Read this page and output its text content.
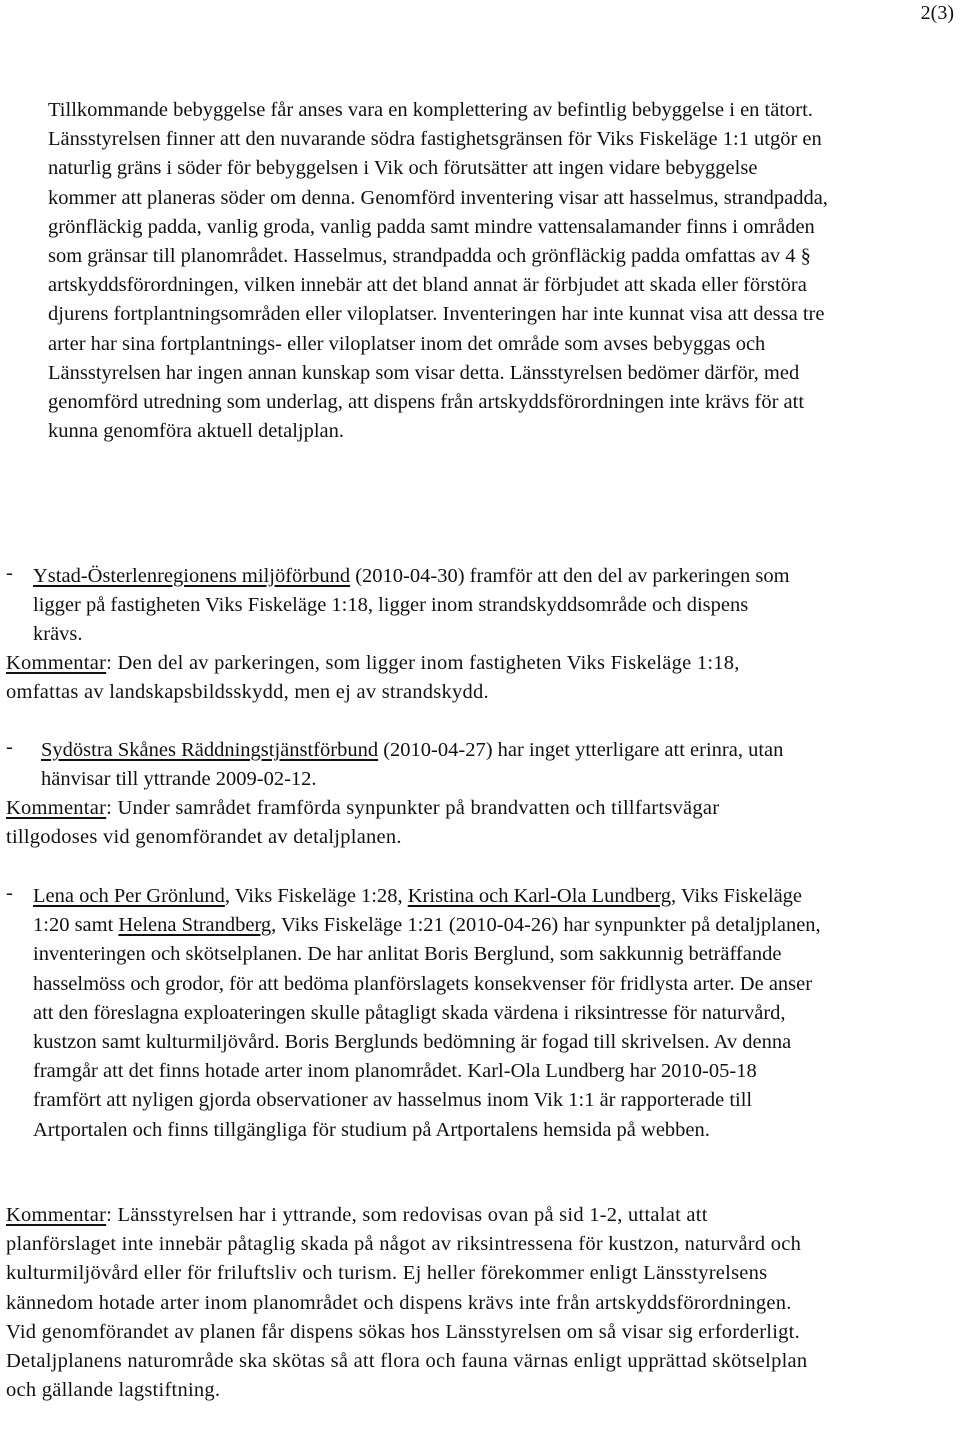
2(3)
Tillkommande bebyggelse får anses vara en komplettering av befintlig bebyggelse i en tätort. Länsstyrelsen finner att den nuvarande södra fastighetsgränsen för Viks Fiskeläge 1:1 utgör en naturlig gräns i söder för bebyggelsen i Vik och förutsätter att ingen vidare bebyggelse kommer att planeras söder om denna. Genomförd inventering visar att hasselmus, strandpadda, grönfläckig padda, vanlig groda, vanlig padda samt mindre vattensalamander finns i områden som gränsar till planområdet. Hasselmus, strandpadda och grönfläckig padda omfattas av 4 § artskyddsförordningen, vilken innebär att det bland annat är förbjudet att skada eller förstöra djurens fortplantningsområden eller viloplatser. Inventeringen har inte kunnat visa att dessa tre arter har sina fortplantnings- eller viloplatser inom det område som avses bebyggas och Länsstyrelsen har ingen annan kunskap som visar detta. Länsstyrelsen bedömer därför, med genomförd utredning som underlag, att dispens från artskyddsförordningen inte krävs för att kunna genomföra aktuell detaljplan.
- Ystad-Österlenregionens miljöförbund (2010-04-30) framför att den del av parkeringen som ligger på fastigheten Viks Fiskeläge 1:18, ligger inom strandskyddsområde och dispens krävs.
Kommentar: Den del av parkeringen, som ligger inom fastigheten Viks Fiskeläge 1:18, omfattas av landskapsbildsskydd, men ej av strandskydd.
- Sydöstra Skånes Räddningstjänstförbund (2010-04-27) har inget ytterligare att erinra, utan hänvisar till yttrande 2009-02-12.
Kommentar: Under samrådet framförda synpunkter på brandvatten och tillfartsvägar tillgodoses vid genomförandet av detaljplanen.
- Lena och Per Grönlund, Viks Fiskeläge 1:28, Kristina och Karl-Ola Lundberg, Viks Fiskeläge 1:20 samt Helena Strandberg, Viks Fiskeläge 1:21 (2010-04-26) har synpunkter på detaljplanen, inventeringen och skötselplanen. De har anlitat Boris Berglund, som sakkunnig beträffande hasselmöss och grodor, för att bedöma planförslagets konsekvenser för fridlysta arter. De anser att den föreslagna exploateringen skulle påtagligt skada värdena i riksintresse för naturvård, kustzon samt kulturmiljövård. Boris Berglunds bedömning är fogad till skrivelsen. Av denna framgår att det finns hotade arter inom planområdet. Karl-Ola Lundberg har 2010-05-18 framfört att nyligen gjorda observationer av hasselmus inom Vik 1:1 är rapporterade till Artportalen och finns tillgängliga för studium på Artportalens hemsida på webben.
Kommentar: Länsstyrelsen har i yttrande, som redovisas ovan på sid 1-2, uttalat att planförslaget inte innebär påtaglig skada på något av riksintressena för kustzon, naturvård och kulturmiljövård eller för friluftsliv och turism. Ej heller förekommer enligt Länsstyrelsens kännedom hotade arter inom planområdet och dispens krävs inte från artskyddsförordningen. Vid genomförandet av planen får dispens sökas hos Länsstyrelsen om så visar sig erforderligt. Detaljplanens naturområde ska skötas så att flora och fauna värnas enligt upprättad skötselplan och gällande lagstiftning.
